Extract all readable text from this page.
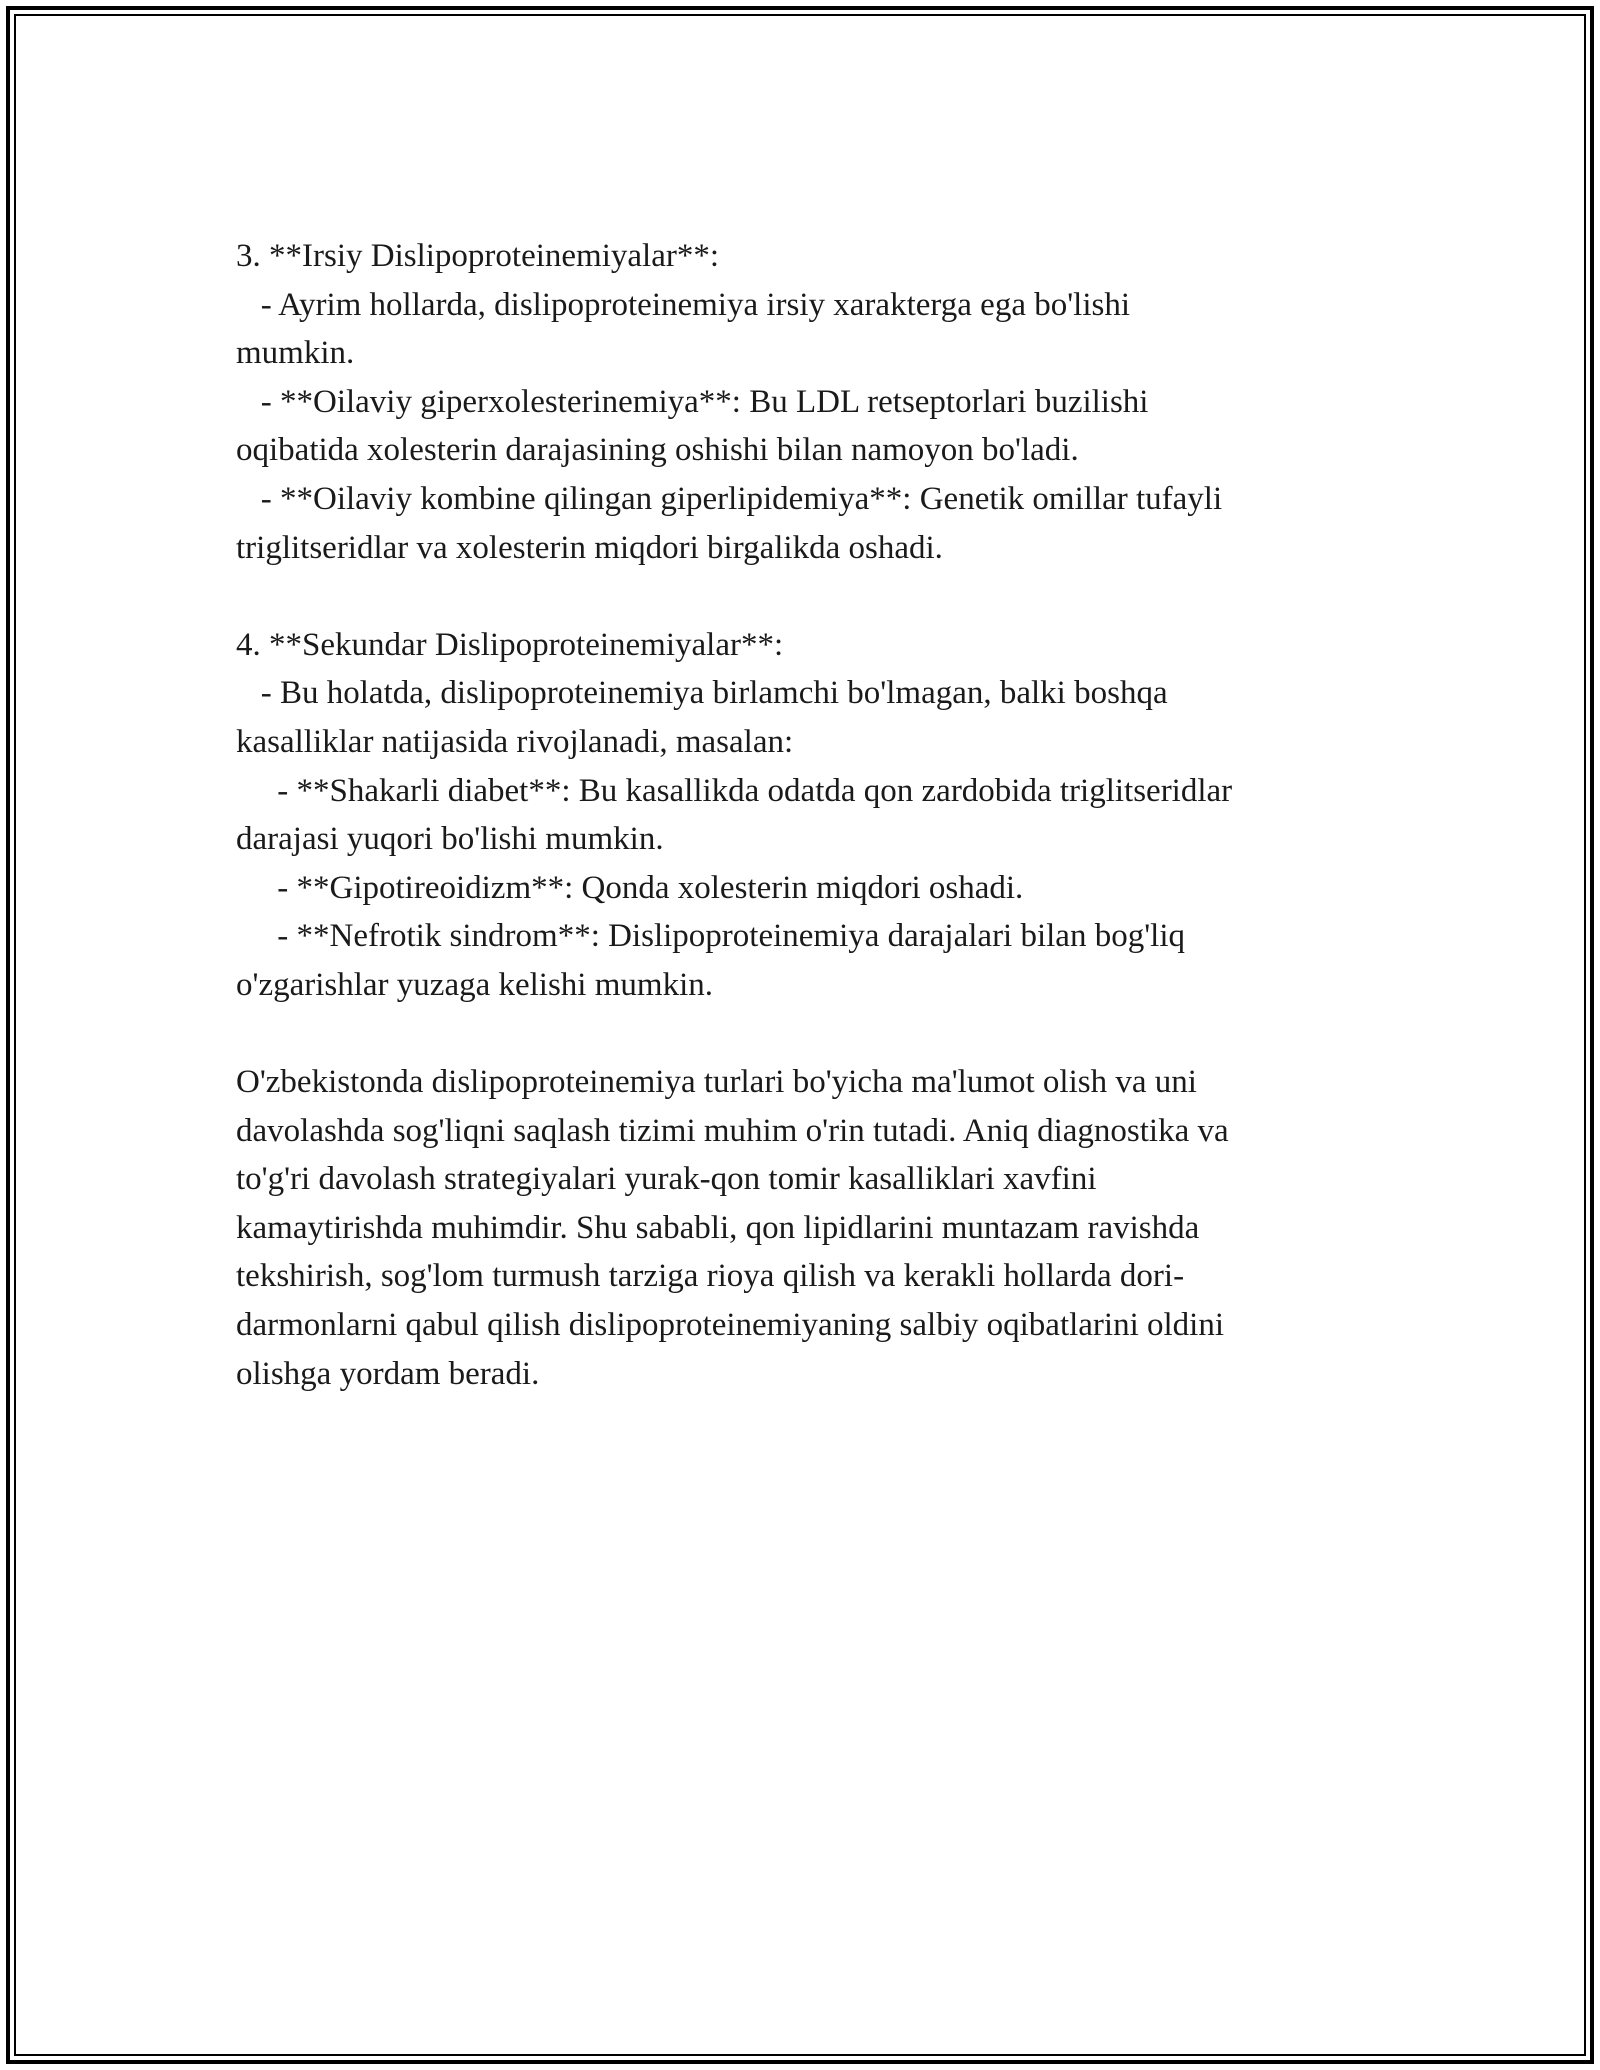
3. **Irsiy Dislipoproteinemiyalar**:
- Ayrim hollarda, dislipoproteinemiya irsiy xarakterga ega bo'lishi
mumkin.
- **Oilaviy giperxolesterinemiya**: Bu LDL retseptorlari buzilishi
oqibatida xolesterin darajasining oshishi bilan namoyon bo'ladi.
- **Oilaviy kombine qilingan giperlipidemiya**: Genetik omillar tufayli
triglitseridlar va xolesterin miqdori birgalikda oshadi.
4. **Sekundar Dislipoproteinemiyalar**:
- Bu holatda, dislipoproteinemiya birlamchi bo'lmagan, balki boshqa
kasalliklar natijasida rivojlanadi, masalan:
- **Shakarli diabet**: Bu kasallikda odatda qon zardobida triglitseridlar
darajasi yuqori bo'lishi mumkin.
- **Gipotireoidizm**: Qonda xolesterin miqdori oshadi.
- **Nefrotik sindrom**: Dislipoproteinemiya darajalari bilan bog'liq
o'zgarishlar yuzaga kelishi mumkin.
O'zbekistonda dislipoproteinemiya turlari bo'yicha ma'lumot olish va uni
davolashda sog'liqni saqlash tizimi muhim o'rin tutadi. Aniq diagnostika va
to'g'ri davolash strategiyalari yurak-qon tomir kasalliklari xavfini
kamaytirishda muhimdir. Shu sababli, qon lipidlarini muntazam ravishda
tekshirish, sog'lom turmush tarziga rioya qilish va kerakli hollarda dori-
darmonlarni qabul qilish dislipoproteinemiyaning salbiy oqibatlarini oldini
olishga yordam beradi.
